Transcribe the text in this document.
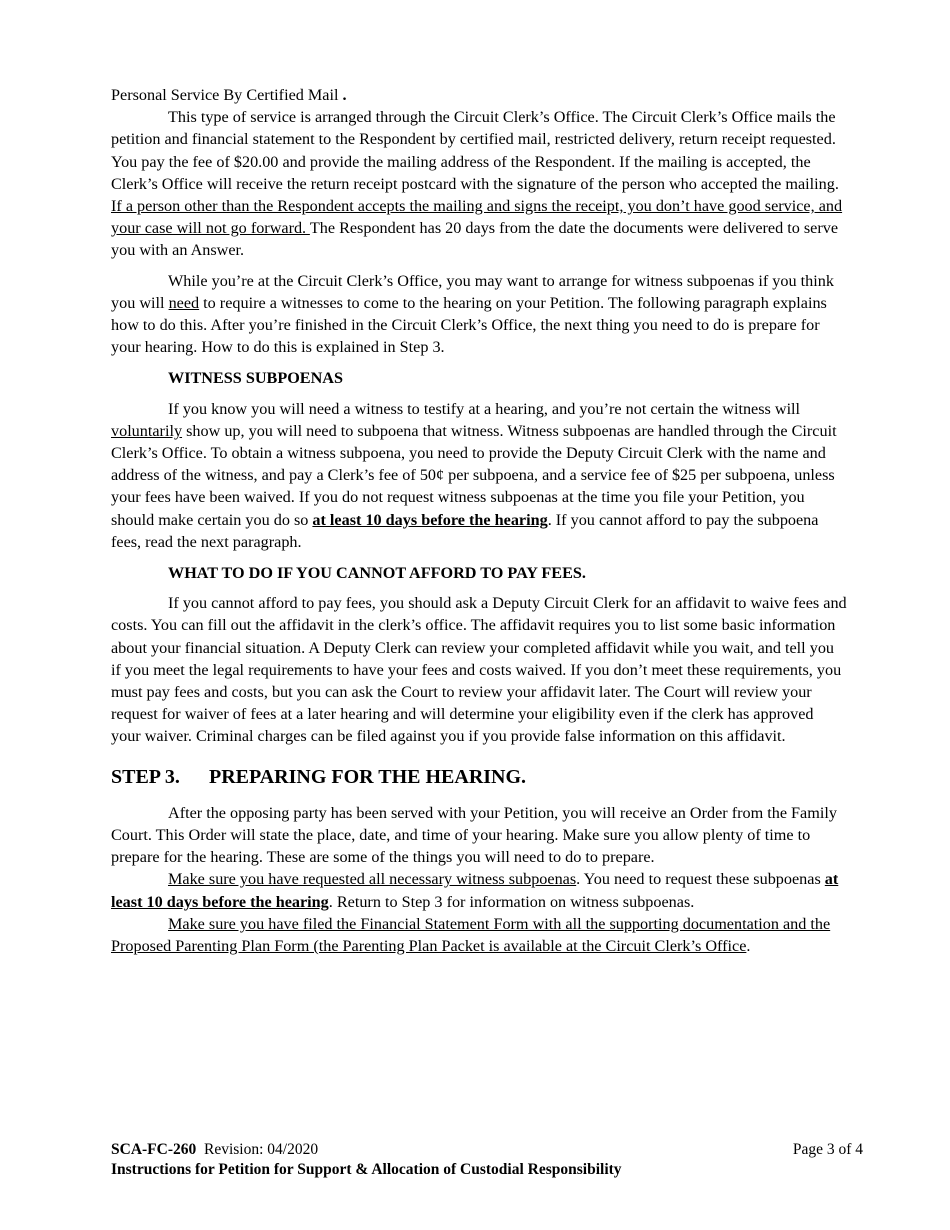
Personal Service By Certified Mail .

This type of service is arranged through the Circuit Clerk’s Office. The Circuit Clerk’s Office mails the petition and financial statement to the Respondent by certified mail, restricted delivery, return receipt requested. You pay the fee of $20.00 and provide the mailing address of the Respondent. If the mailing is accepted, the Clerk’s Office will receive the return receipt postcard with the signature of the person who accepted the mailing. If a person other than the Respondent accepts the mailing and signs the receipt, you don’t have good service, and your case will not go forward. The Respondent has 20 days from the date the documents were delivered to serve you with an Answer.

While you’re at the Circuit Clerk’s Office, you may want to arrange for witness subpoenas if you think you will need to require a witnesses to come to the hearing on your Petition. The following paragraph explains how to do this. After you’re finished in the Circuit Clerk’s Office, the next thing you need to do is prepare for your hearing. How to do this is explained in Step 3.

WITNESS SUBPOENAS

If you know you will need a witness to testify at a hearing, and you’re not certain the witness will voluntarily show up, you will need to subpoena that witness. Witness subpoenas are handled through the Circuit Clerk’s Office. To obtain a witness subpoena, you need to provide the Deputy Circuit Clerk with the name and address of the witness, and pay a Clerk’s fee of 50¢ per subpoena, and a service fee of $25 per subpoena, unless your fees have been waived. If you do not request witness subpoenas at the time you file your Petition, you should make certain you do so at least 10 days before the hearing. If you cannot afford to pay the subpoena fees, read the next paragraph.

WHAT TO DO IF YOU CANNOT AFFORD TO PAY FEES.

If you cannot afford to pay fees, you should ask a Deputy Circuit Clerk for an affidavit to waive fees and costs. You can fill out the affidavit in the clerk’s office. The affidavit requires you to list some basic information about your financial situation. A Deputy Clerk can review your completed affidavit while you wait, and tell you if you meet the legal requirements to have your fees and costs waived. If you don’t meet these requirements, you must pay fees and costs, but you can ask the Court to review your affidavit later. The Court will review your request for waiver of fees at a later hearing and will determine your eligibility even if the clerk has approved your waiver. Criminal charges can be filed against you if you provide false information on this affidavit.

STEP 3. PREPARING FOR THE HEARING.

After the opposing party has been served with your Petition, you will receive an Order from the Family Court. This Order will state the place, date, and time of your hearing. Make sure you allow plenty of time to prepare for the hearing. These are some of the things you will need to do to prepare.

Make sure you have requested all necessary witness subpoenas. You need to request these subpoenas at least 10 days before the hearing. Return to Step 3 for information on witness subpoenas.

Make sure you have filed the Financial Statement Form with all the supporting documentation and the Proposed Parenting Plan Form (the Parenting Plan Packet is available at the Circuit Clerk’s Office.

SCA-FC-260 Revision: 04/2020	Page 3 of 4
Instructions for Petition for Support & Allocation of Custodial Responsibility
